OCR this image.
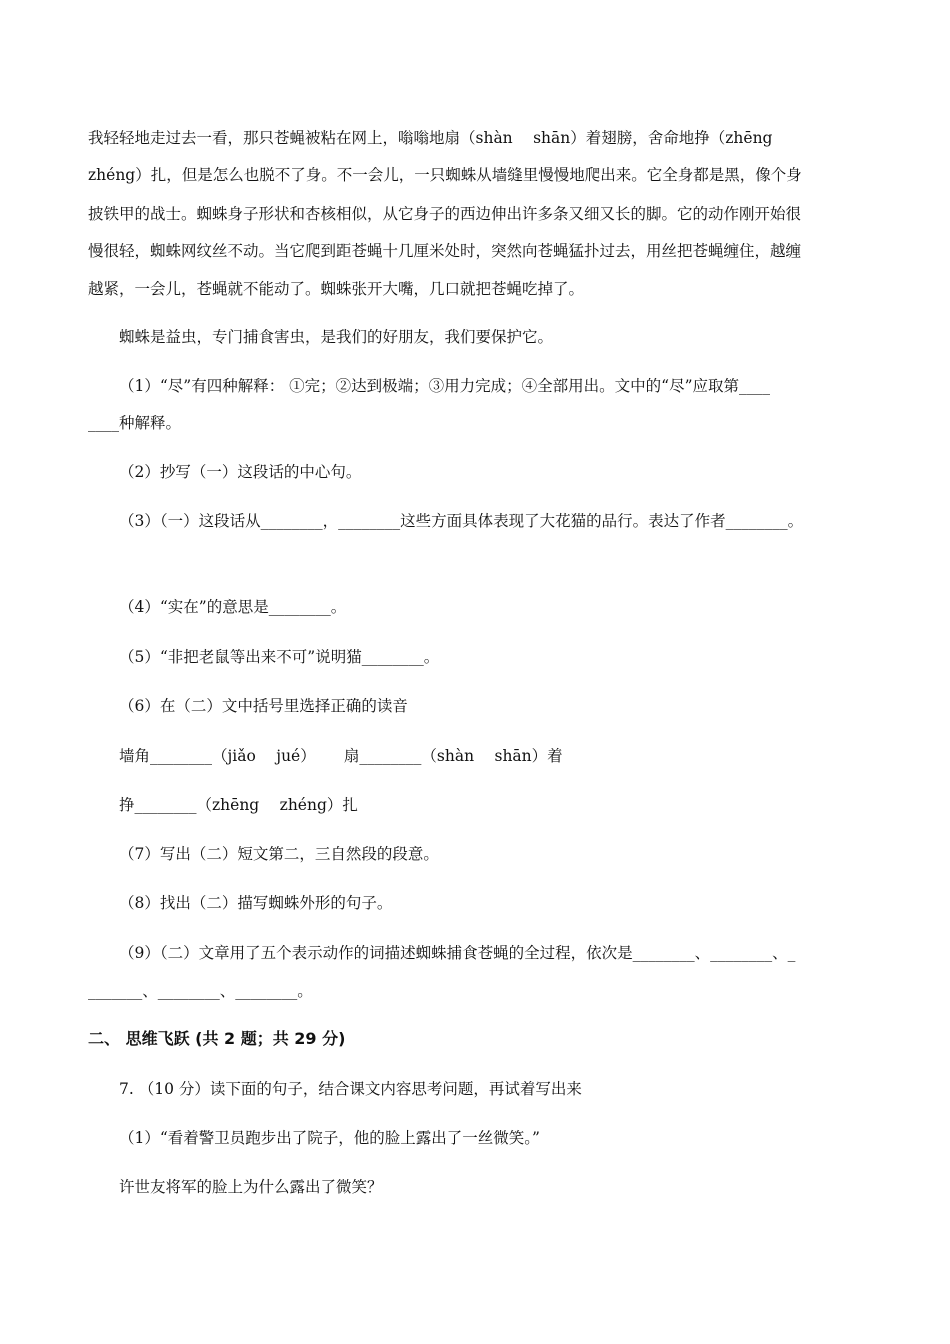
我轻轻地走过去一看，那只苍蝇被粘在网上，嗡嗡地扇（shàn　 shān）着翅膀，舍命地挣（zhēng
zhéng）扎，但是怎么也脱不了身。不一会儿，一只蜘蛛从墙缝里慢慢地爬出来。它全身都是黑，像个身
披铁甲的战士。蜘蛛身子形状和杏核相似，从它身子的西边伸出许多条又细又长的脚。它的动作刚开始很
慢很轻，蜘蛛网纹丝不动。当它爬到距苍蝇十几厘米处时，突然向苍蝇猛扑过去，用丝把苍蝇缠住，越缠
越紧，一会儿，苍蝇就不能动了。蜘蛛张开大嘴，几口就把苍蝇吃掉了。
蜘蛛是益虫，专门捕食害虫，是我们的好朋友，我们要保护它。
（1）“尽”有四种解释： ①完；②达到极端；③用力完成；④全部用出。文中的“尽”应取第____
____种解释。
（2）抄写（一）这段话的中心句。
（3）（一）这段话从________，________这些方面具体表现了大花猫的品行。表达了作者________。
（4）“实在”的意思是________。
（5）“非把老鼠等出来不可”说明猫________。
（6）在（二）文中括号里选择正确的读音
墙角________（jiǎo　 jué）　　 扇________（shàn　 shān）着
挣________（zhēng　 zhéng）扎
（7）写出（二）短文第二，三自然段的段意。
（8）找出（二）描写蜘蛛外形的句子。
（9）（二）文章用了五个表示动作的词描述蜘蛛捕食苍蝇的全过程，依次是________、________、_
_______、________、________。
二、 思维飞跃 (共 2 题；共 29 分)
7. （10 分）读下面的句子，结合课文内容思考问题，再试着写出来
（1）“看着警卫员跑步出了院子，他的脸上露出了一丝微笑。”
许世友将军的脸上为什么露出了微笑？
